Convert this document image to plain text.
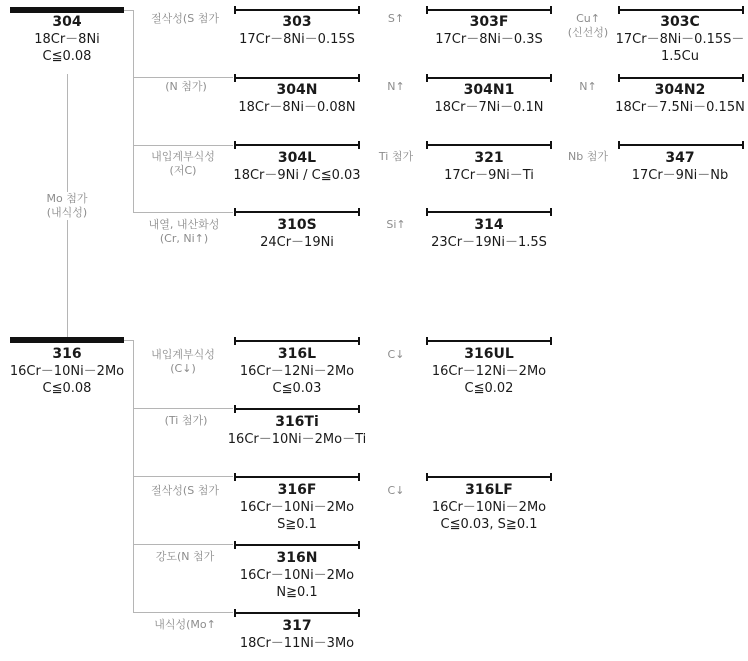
304
18Cr－8Ni
C≦0.08
303
17Cr－8Ni－0.15S
303F
17Cr－8Ni－0.3S
303C
17Cr－8Ni－0.15S－
1.5Cu
304N
18Cr－8Ni－0.08N
304N1
18Cr－7Ni－0.1N
304N2
18Cr－7.5Ni－0.15N
304L
18Cr－9Ni / C≦0.03
321
17Cr－9Ni－Ti
347
17Cr－9Ni－Nb
310S
24Cr－19Ni
314
23Cr－19Ni－1.5S
316
16Cr－10Ni－2Mo
C≦0.08
316L
16Cr－12Ni－2Mo
C≦0.03
316UL
16Cr－12Ni－2Mo
C≦0.02
316Ti
16Cr－10Ni－2Mo－Ti
316F
16Cr－10Ni－2Mo
S≧0.1
316LF
16Cr－10Ni－2Mo
C≦0.03, S≧0.1
316N
16Cr－10Ni－2Mo
N≧0.1
317
18Cr－11Ni－3Mo
절삭성(S 첨가	S↑	Cu↑
(신선성)
(N 첨가)	N↑	N↑
내입계부식성
(저C)
Ti 첨가	Nb 첨가
내열, 내산화성
(Cr, Ni↑)
Si↑
Mo 첨가
(내식성)
내입계부식성
(C↓)
C↓
(Ti 첨가)
절삭성(S 첨가	C↓
강도(N 첨가
내식성(Mo↑
